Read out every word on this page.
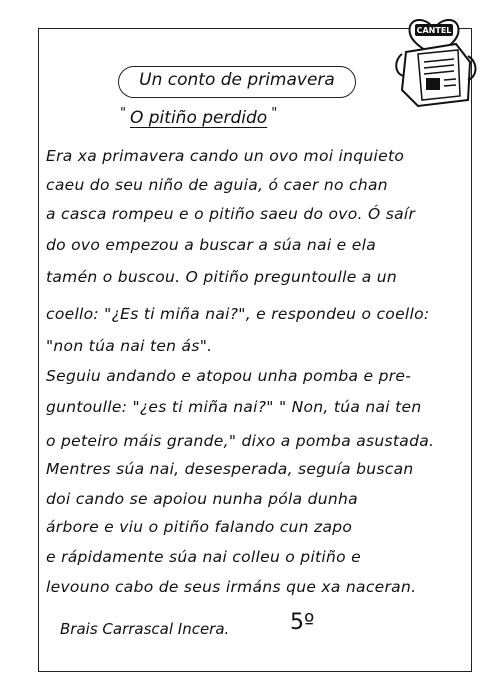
CANTEL
Un conto de primavera
" O pitiño perdido "
Era xa primavera cando un ovo moi inquieto
caeu do seu niño de aguia, ó caer no chan
a casca rompeu e o pitiño saeu do ovo. Ó saír
do ovo empezou a buscar a súa nai e ela
tamén o buscou. O pitiño preguntoulle a un
coello: "¿Es ti miña nai?", e respondeu o coello:
"non túa nai ten ás".
Seguiu andando e atopou unha pomba e pre-
guntoulle: "¿es ti miña nai?" " Non, túa nai ten
o peteiro máis grande," dixo a pomba asustada.
Mentres súa nai, desesperada, seguía buscan
doi cando se apoiou nunha póla dunha
árbore e viu o pitiño falando cun zapo
e rápidamente súa nai colleu o pitiño e
levouno cabo de seus irmáns que xa naceran.
Brais Carrascal Incera.	5º
